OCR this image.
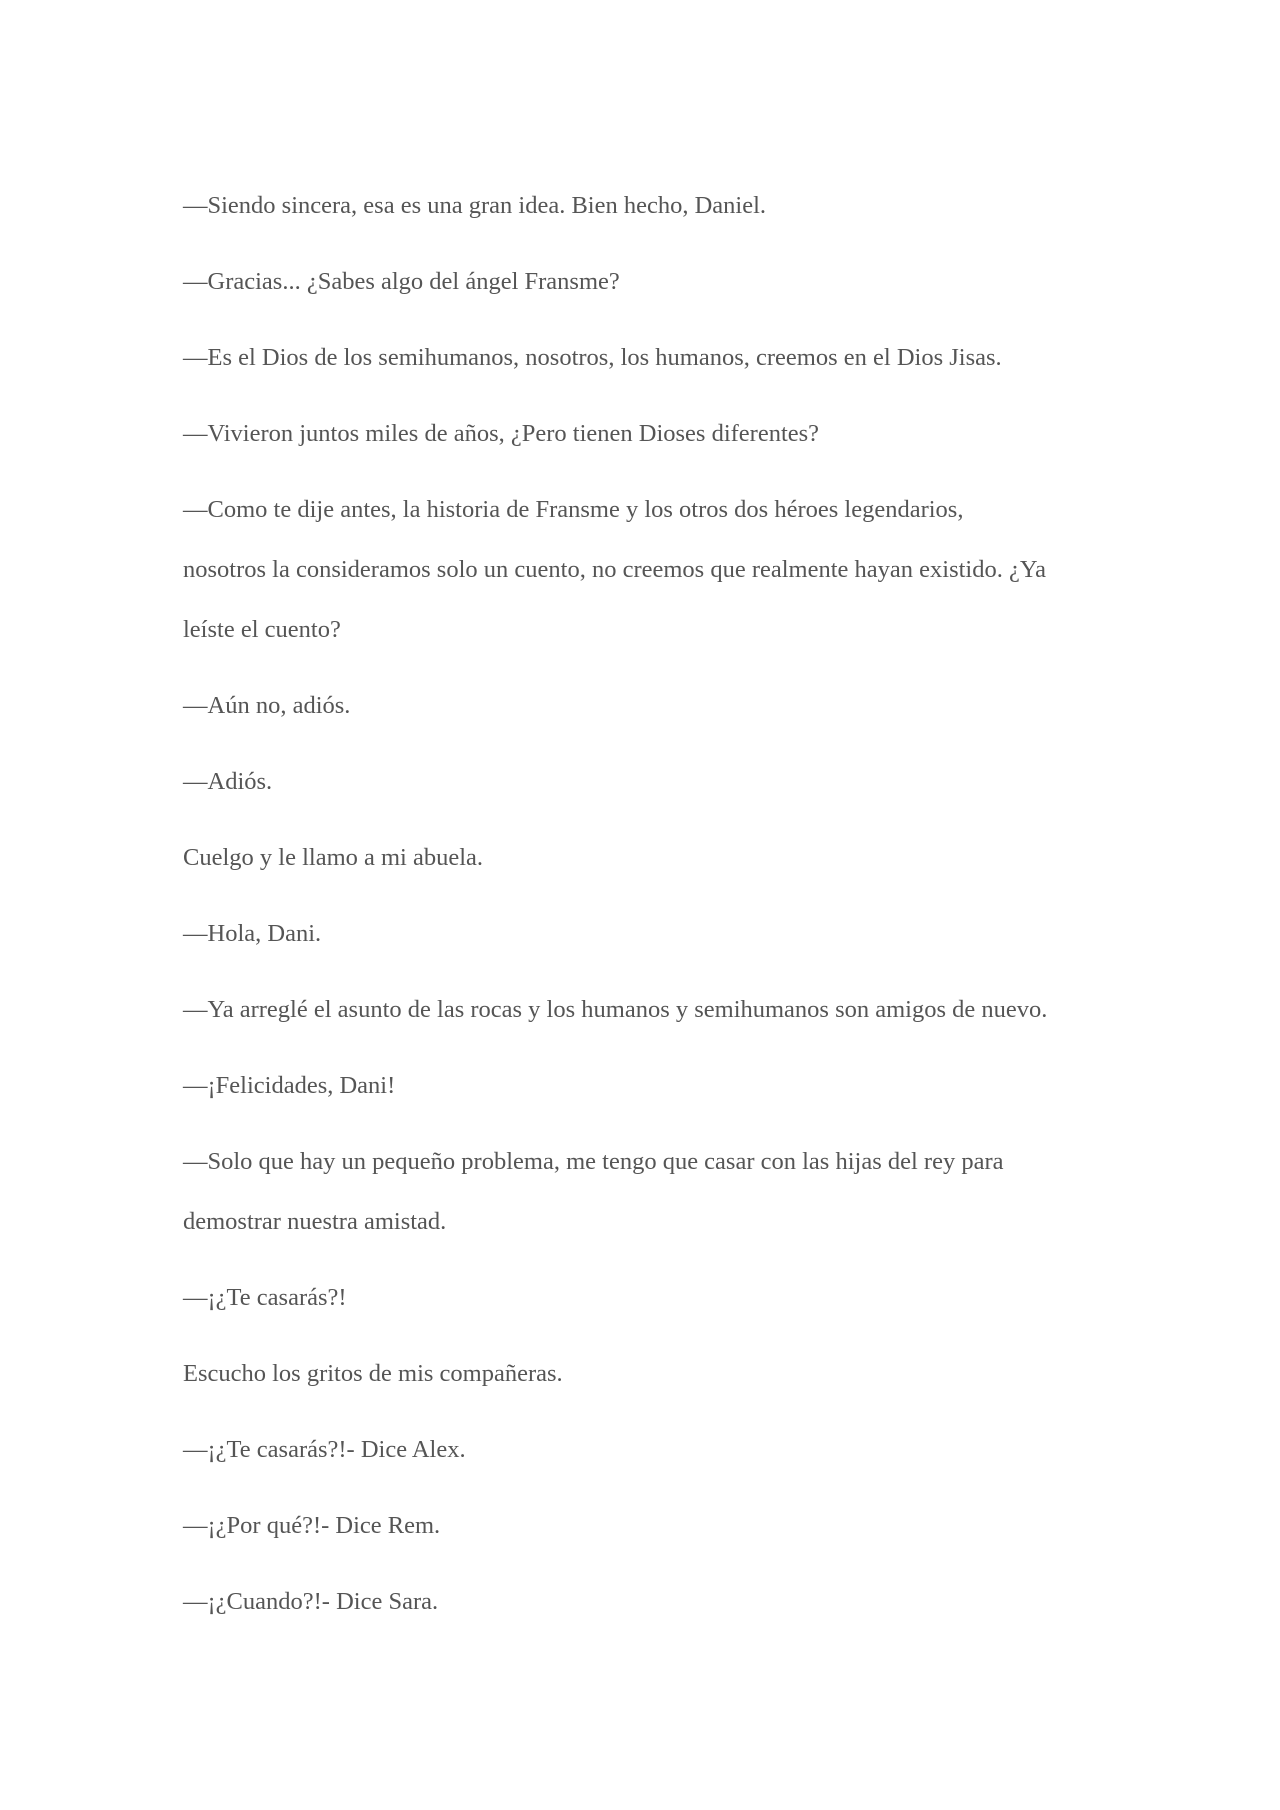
—Siendo sincera, esa es una gran idea. Bien hecho, Daniel.

—Gracias... ¿Sabes algo del ángel Fransme?

—Es el Dios de los semihumanos, nosotros, los humanos, creemos en el Dios Jisas.

—Vivieron juntos miles de años, ¿Pero tienen Dioses diferentes?

—Como te dije antes, la historia de Fransme y los otros dos héroes legendarios,
nosotros la consideramos solo un cuento, no creemos que realmente hayan existido. ¿Ya
leíste el cuento?

—Aún no, adiós.

—Adiós.

Cuelgo y le llamo a mi abuela.

—Hola, Dani.

—Ya arreglé el asunto de las rocas y los humanos y semihumanos son amigos de nuevo.

—¡Felicidades, Dani!

—Solo que hay un pequeño problema, me tengo que casar con las hijas del rey para
demostrar nuestra amistad.

—¡¿Te casarás?!

Escucho los gritos de mis compañeras.

—¡¿Te casarás?!- Dice Alex.

—¡¿Por qué?!- Dice Rem.

—¡¿Cuando?!- Dice Sara.
